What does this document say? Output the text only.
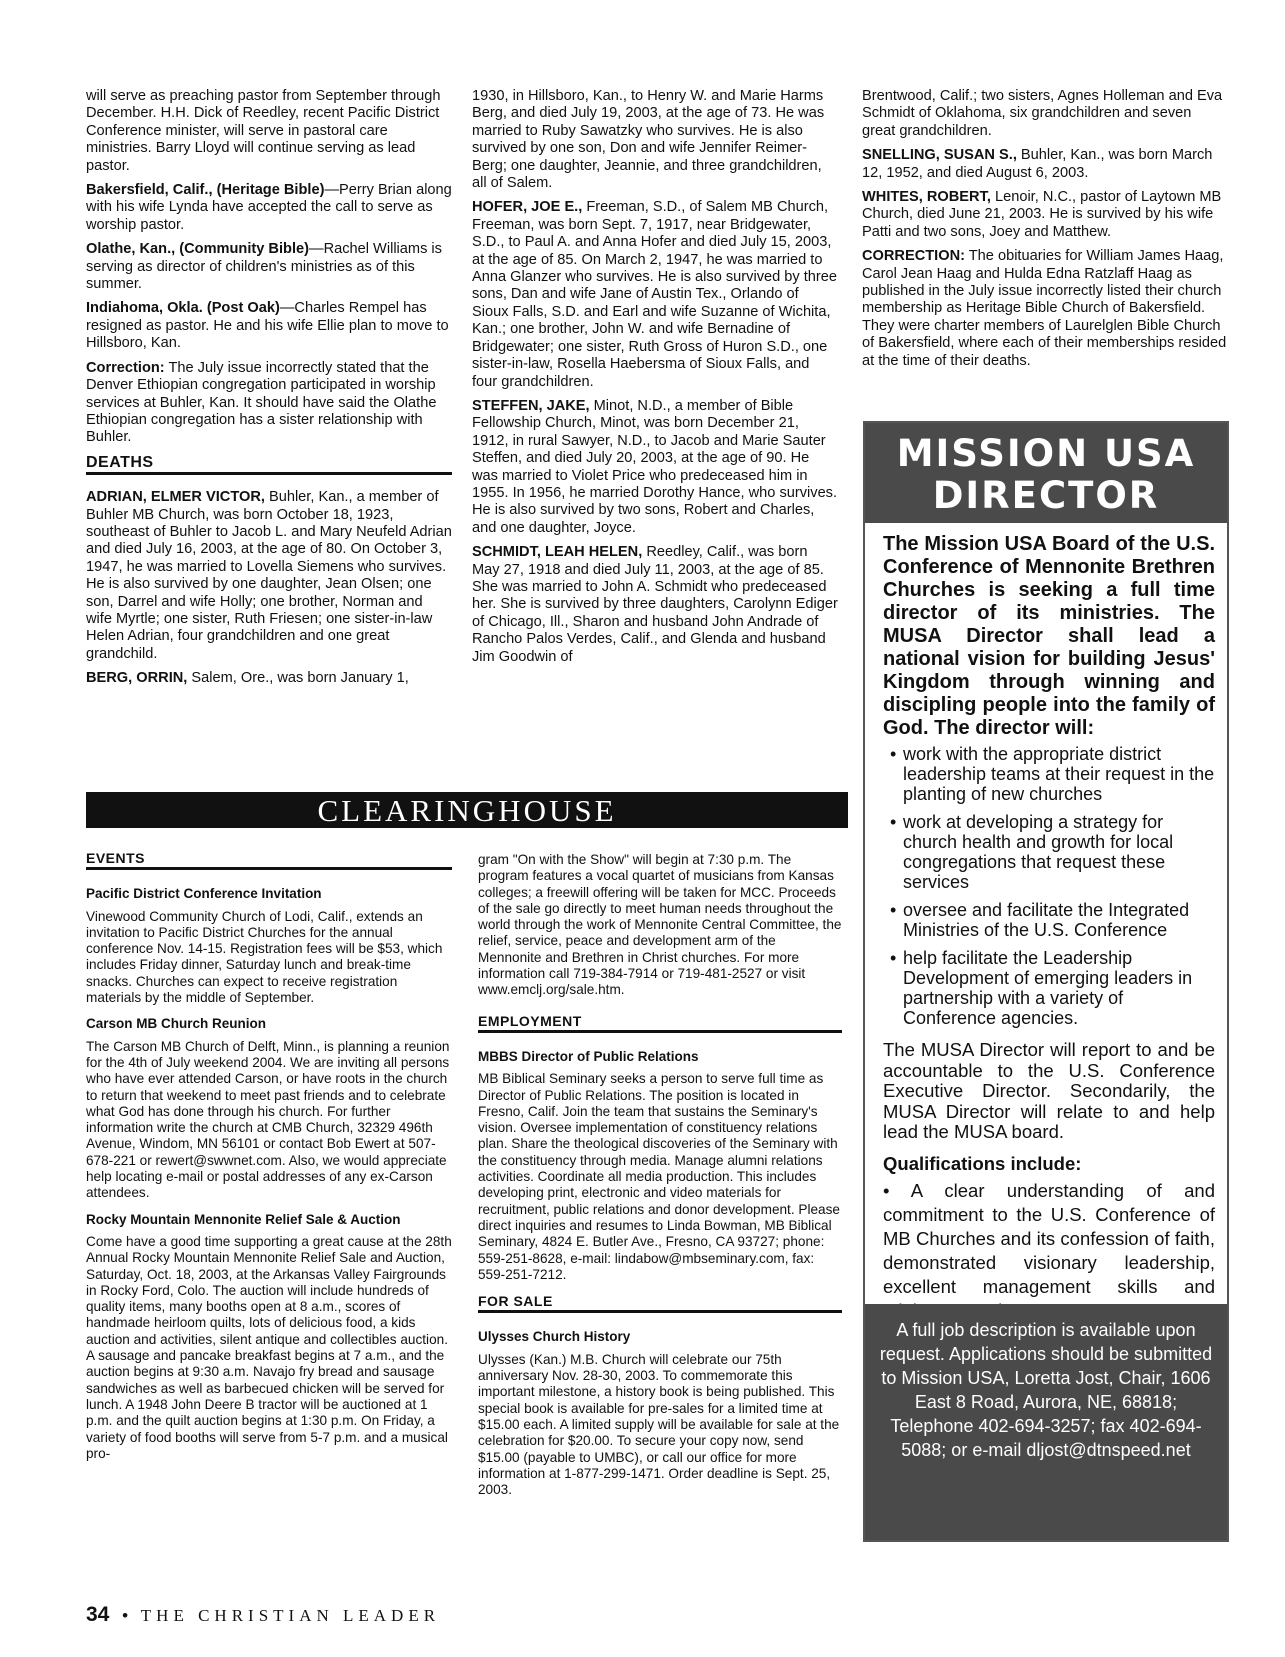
will serve as preaching pastor from September through December. H.H. Dick of Reedley, recent Pacific District Conference minister, will serve in pastoral care ministries. Barry Lloyd will continue serving as lead pastor.

Bakersfield, Calif., (Heritage Bible)—Perry Brian along with his wife Lynda have accepted the call to serve as worship pastor.

Olathe, Kan., (Community Bible)—Rachel Williams is serving as director of children's ministries as of this summer.

Indiahoma, Okla. (Post Oak)—Charles Rempel has resigned as pastor. He and his wife Ellie plan to move to Hillsboro, Kan.

Correction: The July issue incorrectly stated that the Denver Ethiopian congregation participated in worship services at Buhler, Kan. It should have said the Olathe Ethiopian congregation has a sister relationship with Buhler.

DEATHS

ADRIAN, ELMER VICTOR, Buhler, Kan., a member of Buhler MB Church, was born October 18, 1923, southeast of Buhler to Jacob L. and Mary Neufeld Adrian and died July 16, 2003, at the age of 80. On October 3, 1947, he was married to Lovella Siemens who survives. He is also survived by one daughter, Jean Olsen; one son, Darrel and wife Holly; one brother, Norman and wife Myrtle; one sister, Ruth Friesen; one sister-in-law Helen Adrian, four grandchildren and one great grandchild.

BERG, ORRIN, Salem, Ore., was born January 1,

1930, in Hillsboro, Kan., to Henry W. and Marie Harms Berg, and died July 19, 2003, at the age of 73. He was married to Ruby Sawatzky who survives. He is also survived by one son, Don and wife Jennifer Reimer-Berg; one daughter, Jeannie, and three grandchildren, all of Salem.

HOFER, JOE E., Freeman, S.D., of Salem MB Church, Freeman, was born Sept. 7, 1917, near Bridgewater, S.D., to Paul A. and Anna Hofer and died July 15, 2003, at the age of 85. On March 2, 1947, he was married to Anna Glanzer who survives. He is also survived by three sons, Dan and wife Jane of Austin Tex., Orlando of Sioux Falls, S.D. and Earl and wife Suzanne of Wichita, Kan.; one brother, John W. and wife Bernadine of Bridgewater; one sister, Ruth Gross of Huron S.D., one sister-in-law, Rosella Haebersma of Sioux Falls, and four grandchildren.

STEFFEN, JAKE, Minot, N.D., a member of Bible Fellowship Church, Minot, was born December 21, 1912, in rural Sawyer, N.D., to Jacob and Marie Sauter Steffen, and died July 20, 2003, at the age of 90. He was married to Violet Price who predeceased him in 1955. In 1956, he married Dorothy Hance, who survives. He is also survived by two sons, Robert and Charles, and one daughter, Joyce.

SCHMIDT, LEAH HELEN, Reedley, Calif., was born May 27, 1918 and died July 11, 2003, at the age of 85. She was married to John A. Schmidt who predeceased her. She is survived by three daughters, Carolynn Ediger of Chicago, Ill., Sharon and husband John Andrade of Rancho Palos Verdes, Calif., and Glenda and husband Jim Goodwin of

Brentwood, Calif.; two sisters, Agnes Holleman and Eva Schmidt of Oklahoma, six grandchildren and seven great grandchildren.

SNELLING, SUSAN S., Buhler, Kan., was born March 12, 1952, and died August 6, 2003.

WHITES, ROBERT, Lenoir, N.C., pastor of Laytown MB Church, died June 21, 2003. He is survived by his wife Patti and two sons, Joey and Matthew.

CORRECTION: The obituaries for William James Haag, Carol Jean Haag and Hulda Edna Ratzlaff Haag as published in the July issue incorrectly listed their church membership as Heritage Bible Church of Bakersfield. They were charter members of Laurelglen Bible Church of Bakersfield, where each of their memberships resided at the time of their deaths.

CLEARINGHOUSE
EVENTS
Pacific District Conference Invitation

Vinewood Community Church of Lodi, Calif., extends an invitation to Pacific District Churches for the annual conference Nov. 14-15. Registration fees will be $53, which includes Friday dinner, Saturday lunch and break-time snacks. Churches can expect to receive registration materials by the middle of September.

Carson MB Church Reunion

The Carson MB Church of Delft, Minn., is planning a reunion for the 4th of July weekend 2004. We are inviting all persons who have ever attended Carson, or have roots in the church to return that weekend to meet past friends and to celebrate what God has done through his church. For further information write the church at CMB Church, 32329 496th Avenue, Windom, MN 56101 or contact Bob Ewert at 507-678-221 or rewert@swwnet.com. Also, we would appreciate help locating e-mail or postal addresses of any ex-Carson attendees.

Rocky Mountain Mennonite Relief Sale & Auction

Come have a good time supporting a great cause at the 28th Annual Rocky Mountain Mennonite Relief Sale and Auction, Saturday, Oct. 18, 2003, at the Arkansas Valley Fairgrounds in Rocky Ford, Colo. The auction will include hundreds of quality items, many booths open at 8 a.m., scores of handmade heirloom quilts, lots of delicious food, a kids auction and activities, silent antique and collectibles auction. A sausage and pancake breakfast begins at 7 a.m., and the auction begins at 9:30 a.m. Navajo fry bread and sausage sandwiches as well as barbecued chicken will be served for lunch. A 1948 John Deere B tractor will be auctioned at 1 p.m. and the quilt auction begins at 1:30 p.m. On Friday, a variety of food booths will serve from 5-7 p.m. and a musical pro-

gram "On with the Show" will begin at 7:30 p.m. The program features a vocal quartet of musicians from Kansas colleges; a freewill offering will be taken for MCC. Proceeds of the sale go directly to meet human needs throughout the world through the work of Mennonite Central Committee, the relief, service, peace and development arm of the Mennonite and Brethren in Christ churches. For more information call 719-384-7914 or 719-481-2527 or visit www.emclj.org/sale.htm.

EMPLOYMENT
MBBS Director of Public Relations

MB Biblical Seminary seeks a person to serve full time as Director of Public Relations. The position is located in Fresno, Calif. Join the team that sustains the Seminary's vision. Oversee implementation of constituency relations plan. Share the theological discoveries of the Seminary with the constituency through media. Manage alumni relations activities. Coordinate all media production. This includes developing print, electronic and video materials for recruitment, public relations and donor development. Please direct inquiries and resumes to Linda Bowman, MB Biblical Seminary, 4824 E. Butler Ave., Fresno, CA 93727; phone: 559-251-8628, e-mail: lindabow@mbseminary.com, fax: 559-251-7212.

FOR SALE
Ulysses Church History

Ulysses (Kan.) M.B. Church will celebrate our 75th anniversary Nov. 28-30, 2003. To commemorate this important milestone, a history book is being published. This special book is available for pre-sales for a limited time at $15.00 each. A limited supply will be available for sale at the celebration for $20.00. To secure your copy now, send $15.00 (payable to UMBC), or call our office for more information at 1-877-299-1471. Order deadline is Sept. 25, 2003.

MISSION USA
DIRECTOR

The Mission USA Board of the U.S. Conference of Mennonite Brethren Churches is seeking a full time director of its ministries. The MUSA Director shall lead a national vision for building Jesus' Kingdom through winning and discipling people into the family of God. The director will:

• work with the appropriate district leadership teams at their request in the planting of new churches
• work at developing a strategy for church health and growth for local congregations that request these services
• oversee and facilitate the Integrated Ministries of the U.S. Conference
• help facilitate the Leadership Development of emerging leaders in partnership with a variety of Conference agencies.

The MUSA Director will report to and be accountable to the U.S. Conference Executive Director. Secondarily, the MUSA Director will relate to and help lead the MUSA board.

Qualifications include:

• A clear understanding of and commitment to the U.S. Conference of MB Churches and its confession of faith, demonstrated visionary leadership, excellent management skills and

A full job description is available upon request. Applications should be submitted to Mission USA, Loretta Jost, Chair, 1606 East 8 Road, Aurora, NE, 68818; Telephone 402-694-3257; fax 402-694-5088; or e-mail dljost@dtnspeed.net
34 • THE CHRISTIAN LEADER
